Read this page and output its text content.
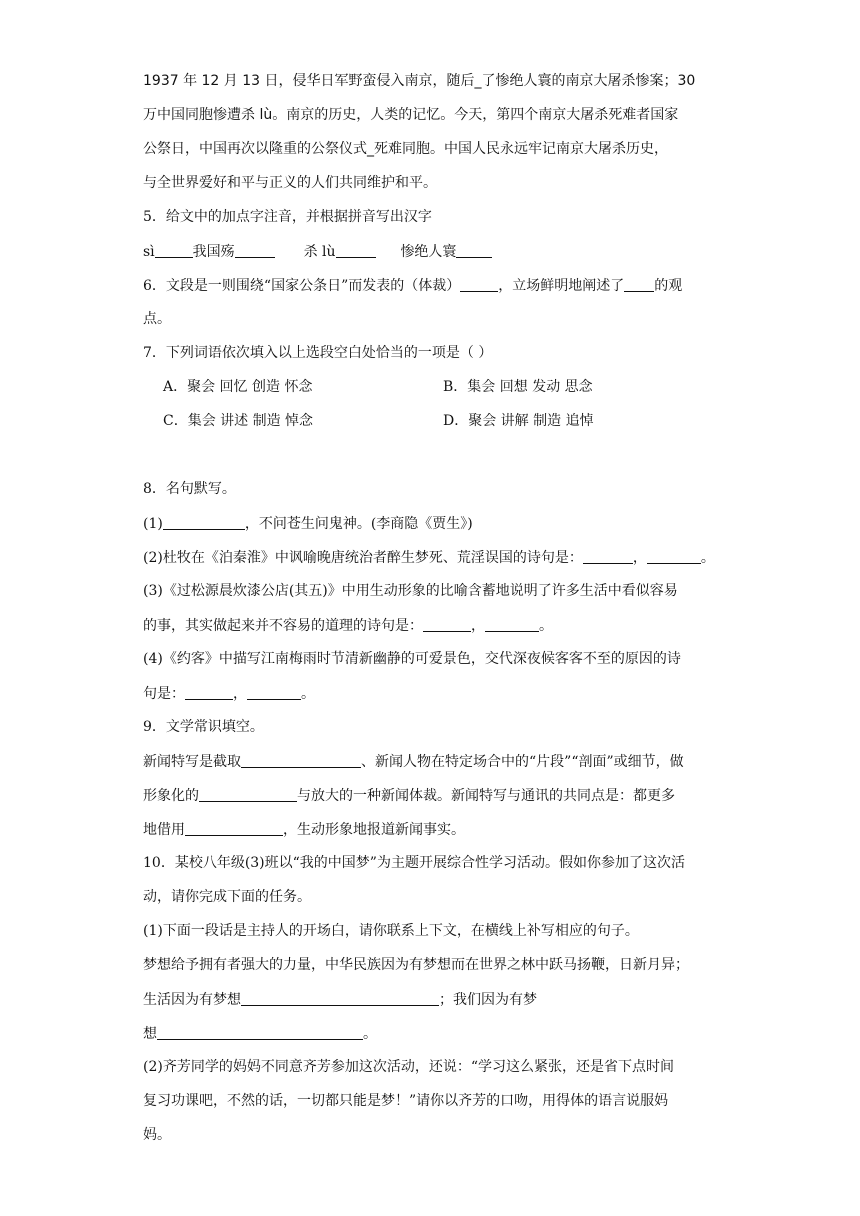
1937 年 12 月 13 日，侵华日军野蛮侵入南京，随后_了惨绝人寰的南京大屠杀惨案；30
万中国同胞惨遭杀 lù。南京的历史，人类的记忆。今天，第四个南京大屠杀死难者国家
公祭日，中国再次以隆重的公祭仪式_死难同胞。中国人民永远牢记南京大屠杀历史，
与全世界爱好和平与正义的人们共同维护和平。
5．给文中的加点字注音，并根据拼音写出汉字
sì	我国殇	杀 lù	惨绝人寰
6．文段是一则围绕“国家公条日”而发表的（体裁）	，立场鲜明地阐述了 的观
点。
7．下列词语依次填入以上选段空白处恰当的一项是（ ）
A．聚会 回忆 创造 怀念	B．集会 回想 发动 思念
C．集会 讲述 制造 悼念	D．聚会 讲解 制造 追悼
8．名句默写。
(1)	，不问苍生问鬼神。(李商隐《贾生》)
(2)杜牧在《泊秦淮》中讽喻晚唐统治者醉生梦死、荒淫误国的诗句是：	，	。
(3)《过松源晨炊漆公店(其五)》中用生动形象的比喻含蓄地说明了许多生活中看似容易
的事，其实做起来并不容易的道理的诗句是：	，	。
(4)《约客》中描写江南梅雨时节清新幽静的可爱景色，交代深夜候客客不至的原因的诗
句是：	，	。
9．文学常识填空。
新闻特写是截取	、新闻人物在特定场合中的“片段”“剖面”或细节，做
形象化的	与放大的一种新闻体裁。新闻特写与通讯的共同点是：都更多
地借用	，生动形象地报道新闻事实。
10．某校八年级(3)班以“我的中国梦”为主题开展综合性学习活动。假如你参加了这次活
动，请你完成下面的任务。
(1)下面一段话是主持人的开场白，请你联系上下文，在横线上补写相应的句子。
梦想给予拥有者强大的力量，中华民族因为有梦想而在世界之林中跃马扬鞭，日新月异；
生活因为有梦想	；我们因为有梦
想	。
(2)齐芳同学的妈妈不同意齐芳参加这次活动，还说：“学习这么紧张，还是省下点时间
复习功课吧，不然的话，一切都只能是梦！”请你以齐芳的口吻，用得体的语言说服妈
妈。
